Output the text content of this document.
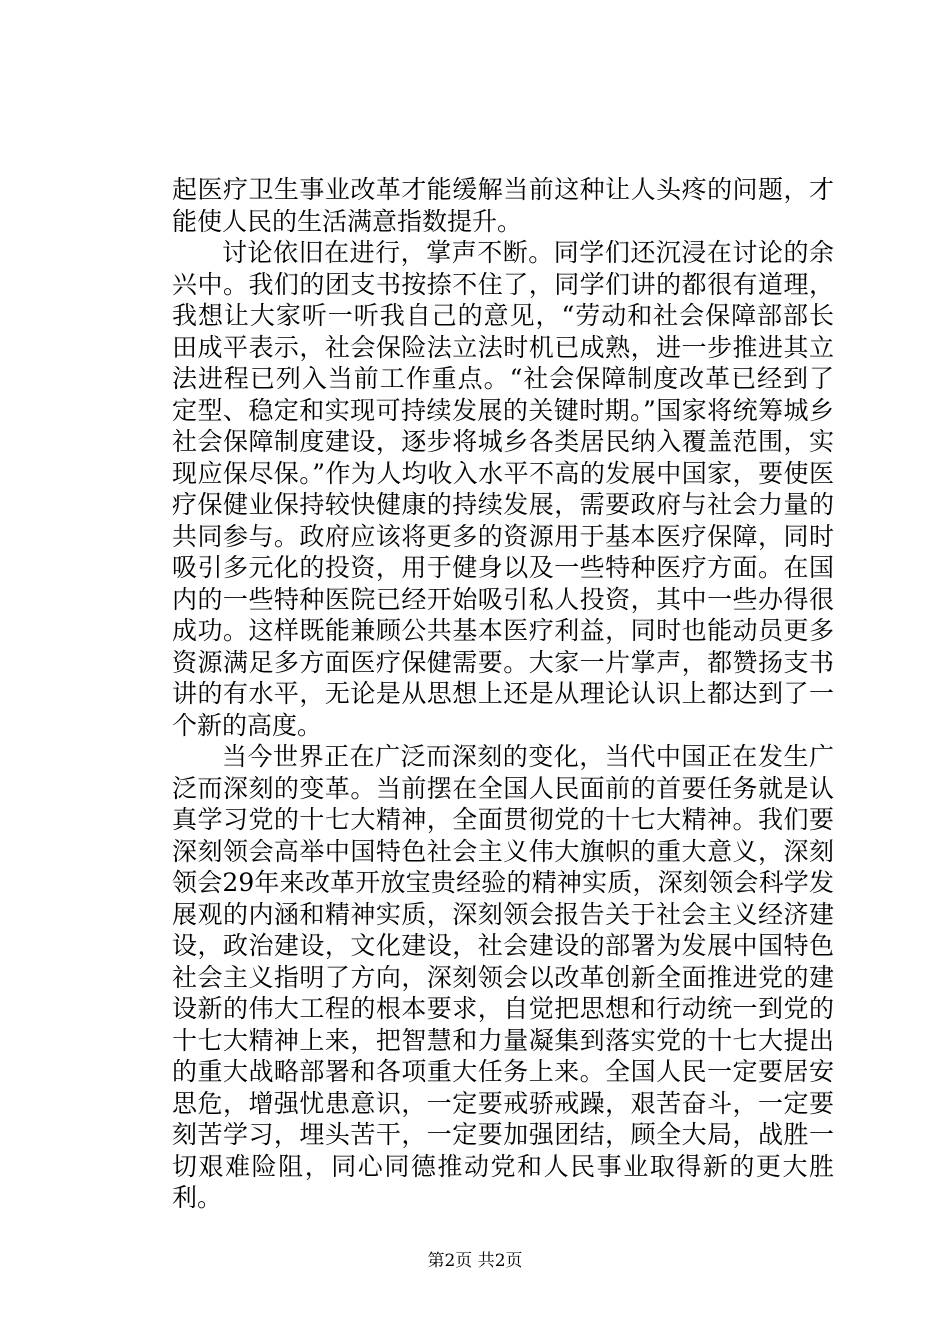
起医疗卫生事业改革才能缓解当前这种让人头疼的问题，才能使人民的生活满意指数提升。

讨论依旧在进行，掌声不断。同学们还沉浸在讨论的余兴中。我们的团支书按捺不住了，同学们讲的都很有道理，我想让大家听一听我自己的意见，“劳动和社会保障部部长田成平表示，社会保险法立法时机已成熟，进一步推进其立法进程已列入当前工作重点。“社会保障制度改革已经到了定型、稳定和实现可持续发展的关键时期。”国家将统筹城乡社会保障制度建设，逐步将城乡各类居民纳入覆盖范围，实现应保尽保。”作为人均收入水平不高的发展中国家，要使医疗保健业保持较快健康的持续发展，需要政府与社会力量的共同参与。政府应该将更多的资源用于基本医疗保障，同时吸引多元化的投资，用于健身以及一些特种医疗方面。在国内的一些特种医院已经开始吸引私人投资，其中一些办得很成功。这样既能兼顾公共基本医疗利益，同时也能动员更多资源满足多方面医疗保健需要。大家一片掌声，都赞扬支书讲的有水平，无论是从思想上还是从理论认识上都达到了一个新的高度。

当今世界正在广泛而深刻的变化，当代中国正在发生广泛而深刻的变革。当前摆在全国人民面前的首要任务就是认真学习党的十七大精神，全面贯彻党的十七大精神。我们要深刻领会高举中国特色社会主义伟大旗帜的重大意义，深刻领会29年来改革开放宝贵经验的精神实质，深刻领会科学发展观的内涵和精神实质，深刻领会报告关于社会主义经济建设，政治建设，文化建设，社会建设的部署为发展中国特色社会主义指明了方向，深刻领会以改革创新全面推进党的建设新的伟大工程的根本要求，自觉把思想和行动统一到党的十七大精神上来，把智慧和力量凝集到落实党的十七大提出的重大战略部署和各项重大任务上来。全国人民一定要居安思危，增强忧患意识，一定要戒骄戒躁，艰苦奋斗，一定要刻苦学习，埋头苦干，一定要加强团结，顾全大局，战胜一切艰难险阻，同心同德推动党和人民事业取得新的更大胜利。

第2页 共2页
